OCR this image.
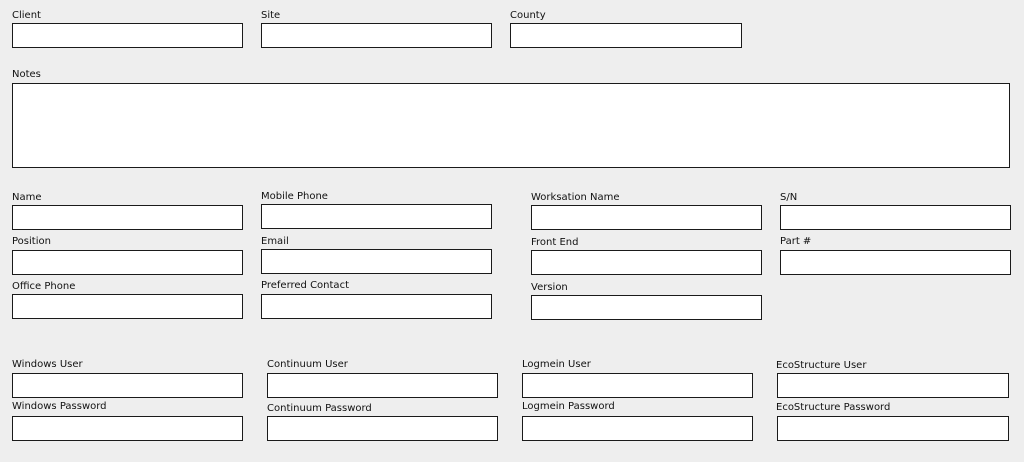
Client	Site	County
Notes
Name
Position
Office Phone
Mobile Phone
Email
Preferred Contact
Worksation Name
Front End
Version
S/N
Part #
Windows User
Windows Password
Continuum User
Continuum Password
Logmein User
Logmein Password
EcoStructure User
EcoStructure Password
